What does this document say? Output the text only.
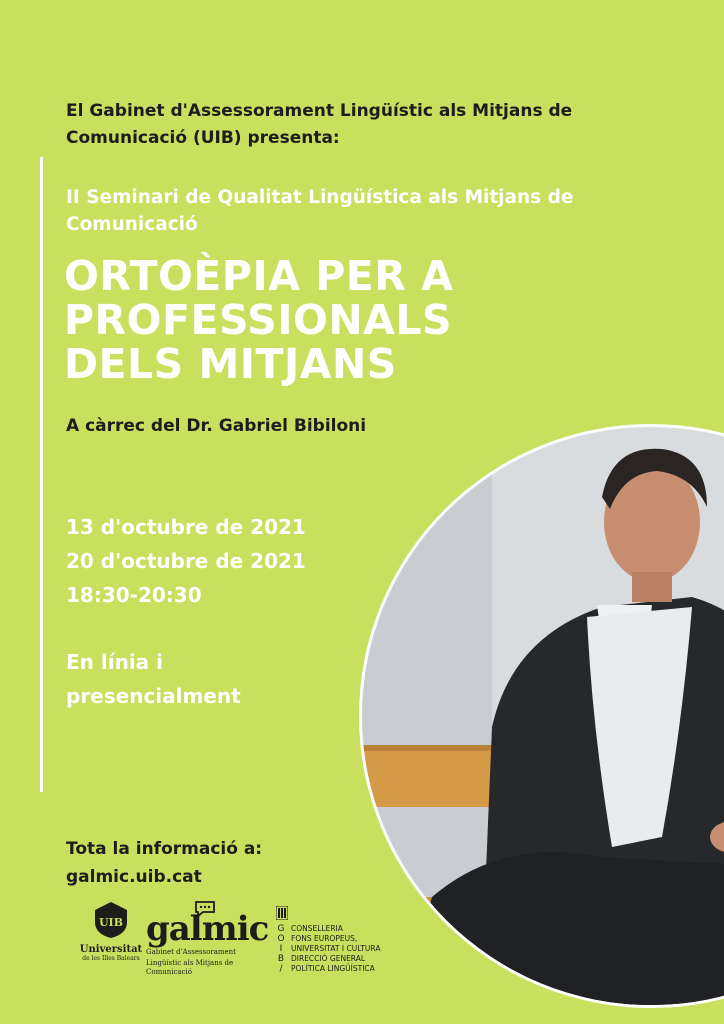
El Gabinet d'Assessorament Lingüístic als Mitjans de Comunicació (UIB) presenta:
II Seminari de Qualitat Lingüística als Mitjans de Comunicació
ORTOÈPIA PER A
PROFESSIONALS
DELS MITJANS
A càrrec del Dr. Gabriel Bibiloni
13 d'octubre de 2021
20 d'octubre de 2021
18:30-20:30
En línia i
presencialment
Tota la informació a:
galmic.uib.cat
UIB
Universitat
de les Illes Balears
galmic
Gabinet d'Assessorament
Lingüístic als Mitjans de Comunicació
G
O
I
B
/
CONSELLERIA
FONS EUROPEUS,
UNIVERSITAT I CULTURA
DIRECCIÓ GENERAL
POLÍTICA LINGÜÍSTICA
